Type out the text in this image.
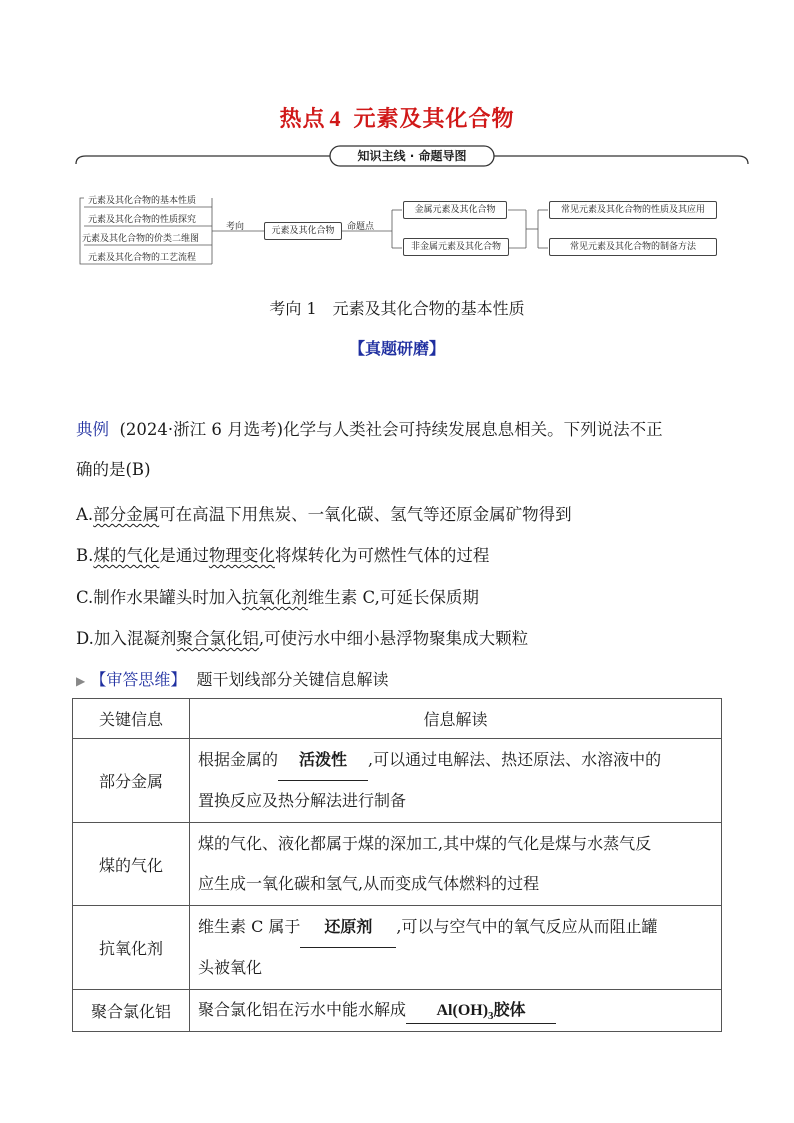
热点 4 元素及其化合物
知识主线 · 命题导图
元素及其化合物的基本性质
元素及其化合物的性质探究
元素及其化合物的价类二维图
元素及其化合物的工艺流程
考向	元素及其化合物	命题点
金属元素及其化合物
非金属元素及其化合物
常见元素及其化合物的性质及其应用
常见元素及其化合物的制备方法
考向 1　元素及其化合物的基本性质
【真题研磨】
典例 (2024·浙江 6 月选考)化学与人类社会可持续发展息息相关。下列说法不正
确的是(B)
A.部分金属可在高温下用焦炭、一氧化碳、氢气等还原金属矿物得到
B.煤的气化是通过物理变化将煤转化为可燃性气体的过程
C.制作水果罐头时加入抗氧化剂维生素 C,可延长保质期
D.加入混凝剂聚合氯化铝,可使污水中细小悬浮物聚集成大颗粒
▶ 【审答思维】 题干划线部分关键信息解读
关键信息	信息解读
部分金属	根据金属的 活泼性 ,可以通过电解法、热还原法、水溶液中的
置换反应及热分解法进行制备
煤的气化	煤的气化、液化都属于煤的深加工,其中煤的气化是煤与水蒸气反
应生成一氧化碳和氢气,从而变成气体燃料的过程
抗氧化剂	维生素 C 属于 还原剂 ,可以与空气中的氧气反应从而阻止罐
头被氧化
聚合氯化铝	聚合氯化铝在污水中能水解成 $Al(OH)_3$胶体
